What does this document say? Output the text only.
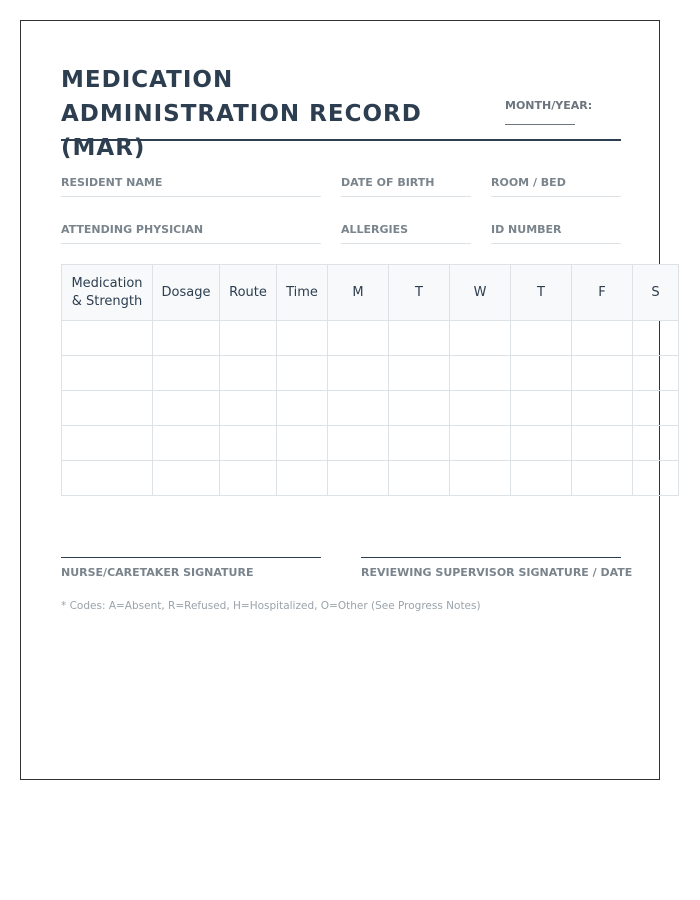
MEDICATION ADMINISTRATION RECORD (MAR)
MONTH/YEAR:
RESIDENT NAME	DATE OF BIRTH	ROOM / BED
ATTENDING PHYSICIAN	ALLERGIES	ID NUMBER
NURSE/CARETAKER SIGNATURE	REVIEWING SUPERVISOR SIGNATURE / DATE
* Codes: A=Absent, R=Refused, H=Hospitalized, O=Other (See Progress Notes)
Medication & Strength	Dosage	Route	Time	M	T	W	T	F	S
